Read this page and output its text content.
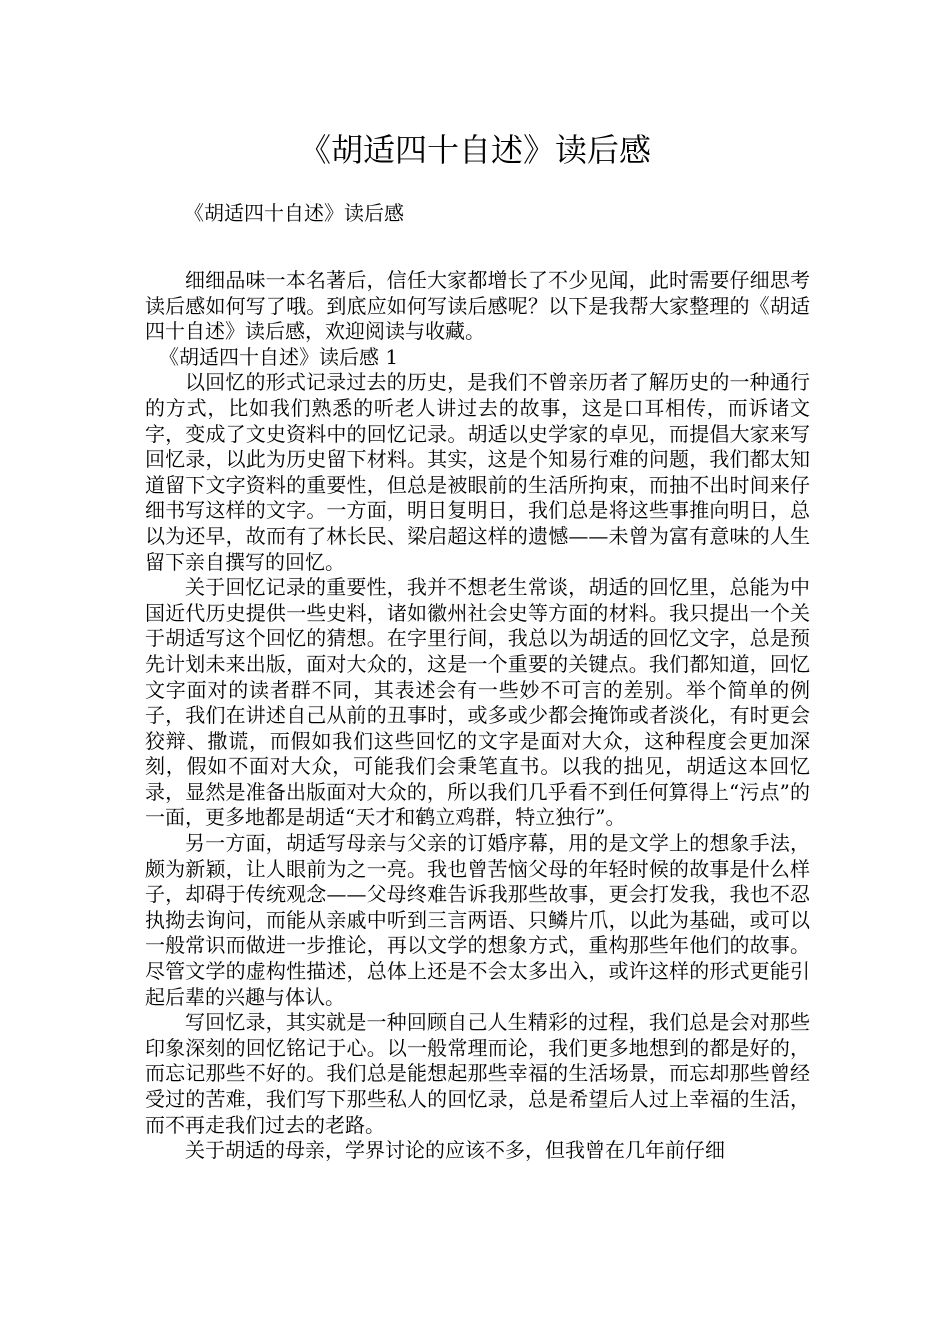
《胡适四十自述》读后感

《胡适四十自述》读后感

细细品味一本名著后，信任大家都增长了不少见闻，此时需要仔细思考读后感如何写了哦。到底应如何写读后感呢？以下是我帮大家整理的《胡适四十自述》读后感，欢迎阅读与收藏。

《胡适四十自述》读后感 1

以回忆的形式记录过去的历史，是我们不曾亲历者了解历史的一种通行的方式，比如我们熟悉的听老人讲过去的故事，这是口耳相传，而诉诸文字，变成了文史资料中的回忆记录。胡适以史学家的卓见，而提倡大家来写回忆录，以此为历史留下材料。其实，这是个知易行难的问题，我们都太知道留下文字资料的重要性，但总是被眼前的生活所拘束，而抽不出时间来仔细书写这样的文字。一方面，明日复明日，我们总是将这些事推向明日，总以为还早，故而有了林长民、梁启超这样的遗憾——未曾为富有意味的人生留下亲自撰写的回忆。

关于回忆记录的重要性，我并不想老生常谈，胡适的回忆里，总能为中国近代历史提供一些史料，诸如徽州社会史等方面的材料。我只提出一个关于胡适写这个回忆的猜想。在字里行间，我总以为胡适的回忆文字，总是预先计划未来出版，面对大众的，这是一个重要的关键点。我们都知道，回忆文字面对的读者群不同，其表述会有一些妙不可言的差别。举个简单的例子，我们在讲述自己从前的丑事时，或多或少都会掩饰或者淡化，有时更会狡辩、撒谎，而假如我们这些回忆的文字是面对大众，这种程度会更加深刻，假如不面对大众，可能我们会秉笔直书。以我的拙见，胡适这本回忆录，显然是准备出版面对大众的，所以我们几乎看不到任何算得上“污点”的一面，更多地都是胡适“天才和鹤立鸡群，特立独行”。

另一方面，胡适写母亲与父亲的订婚序幕，用的是文学上的想象手法，颇为新颖，让人眼前为之一亮。我也曾苦恼父母的年轻时候的故事是什么样子，却碍于传统观念——父母终难告诉我那些故事，更会打发我，我也不忍执拗去询问，而能从亲戚中听到三言两语、只鳞片爪，以此为基础，或可以一般常识而做进一步推论，再以文学的想象方式，重构那些年他们的故事。尽管文学的虚构性描述，总体上还是不会太多出入，或许这样的形式更能引起后辈的兴趣与体认。

写回忆录，其实就是一种回顾自己人生精彩的过程，我们总是会对那些印象深刻的回忆铭记于心。以一般常理而论，我们更多地想到的都是好的，而忘记那些不好的。我们总是能想起那些幸福的生活场景，而忘却那些曾经受过的苦难，我们写下那些私人的回忆录，总是希望后人过上幸福的生活，而不再走我们过去的老路。

关于胡适的母亲，学界讨论的应该不多，但我曾在几年前仔细
